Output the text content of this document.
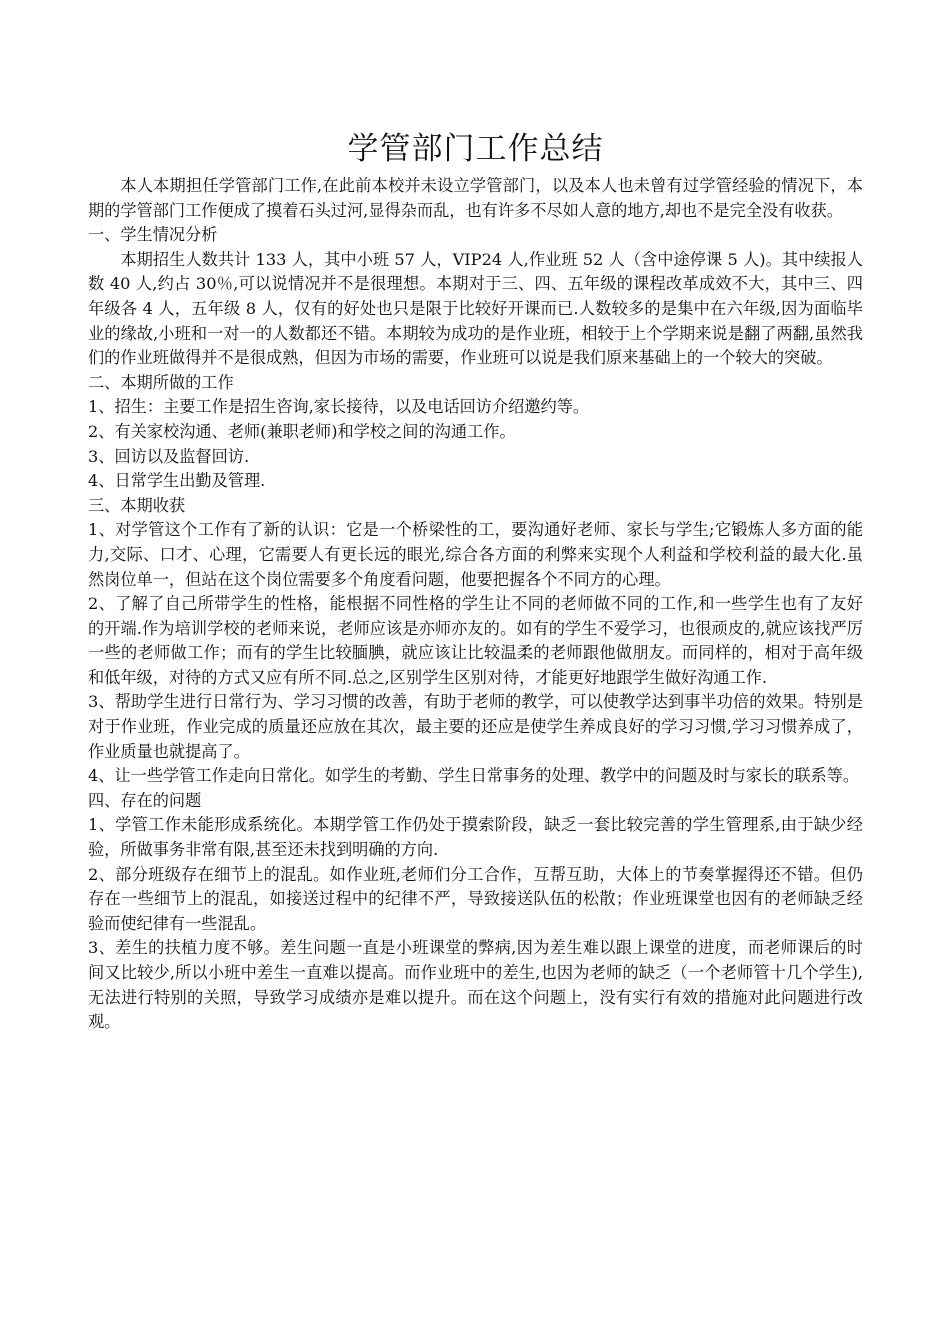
学管部门工作总结

本人本期担任学管部门工作,在此前本校并未设立学管部门，以及本人也未曾有过学管经验的情况下，本期的学管部门工作便成了摸着石头过河,显得杂而乱，也有许多不尽如人意的地方,却也不是完全没有收获。

一、学生情况分析

本期招生人数共计 133 人，其中小班 57 人，VIP24 人,作业班 52 人（含中途停课 5 人)。其中续报人数 40 人,约占 30％,可以说情况并不是很理想。本期对于三、四、五年级的课程改革成效不大，其中三、四年级各 4 人，五年级 8 人，仅有的好处也只是限于比较好开课而已.人数较多的是集中在六年级,因为面临毕业的缘故,小班和一对一的人数都还不错。本期较为成功的是作业班，相较于上个学期来说是翻了两翻,虽然我们的作业班做得并不是很成熟，但因为市场的需要，作业班可以说是我们原来基础上的一个较大的突破。

二、本期所做的工作

1、招生：主要工作是招生咨询,家长接待，以及电话回访介绍邀约等。

2、有关家校沟通、老师(兼职老师)和学校之间的沟通工作。

3、回访以及监督回访.

4、日常学生出勤及管理.

三、本期收获

1、对学管这个工作有了新的认识：它是一个桥梁性的工，要沟通好老师、家长与学生;它锻炼人多方面的能力,交际、口才、心理，它需要人有更长远的眼光,综合各方面的利弊来实现个人利益和学校利益的最大化.虽然岗位单一，但站在这个岗位需要多个角度看问题，他要把握各个不同方的心理。

2、了解了自己所带学生的性格，能根据不同性格的学生让不同的老师做不同的工作,和一些学生也有了友好的开端.作为培训学校的老师来说，老师应该是亦师亦友的。如有的学生不爱学习，也很顽皮的,就应该找严厉一些的老师做工作；而有的学生比较腼腆，就应该让比较温柔的老师跟他做朋友。而同样的，相对于高年级和低年级，对待的方式又应有所不同.总之,区别学生区别对待，才能更好地跟学生做好沟通工作.

3、帮助学生进行日常行为、学习习惯的改善，有助于老师的教学，可以使教学达到事半功倍的效果。特别是对于作业班，作业完成的质量还应放在其次，最主要的还应是使学生养成良好的学习习惯,学习习惯养成了，作业质量也就提高了。

4、让一些学管工作走向日常化。如学生的考勤、学生日常事务的处理、教学中的问题及时与家长的联系等。

四、存在的问题

1、学管工作未能形成系统化。本期学管工作仍处于摸索阶段，缺乏一套比较完善的学生管理系,由于缺少经验，所做事务非常有限,甚至还未找到明确的方向.

2、部分班级存在细节上的混乱。如作业班,老师们分工合作，互帮互助，大体上的节奏掌握得还不错。但仍存在一些细节上的混乱，如接送过程中的纪律不严，导致接送队伍的松散；作业班课堂也因有的老师缺乏经验而使纪律有一些混乱。

3、差生的扶植力度不够。差生问题一直是小班课堂的弊病,因为差生难以跟上课堂的进度，而老师课后的时间又比较少,所以小班中差生一直难以提高。而作业班中的差生,也因为老师的缺乏（一个老师管十几个学生),无法进行特别的关照，导致学习成绩亦是难以提升。而在这个问题上，没有实行有效的措施对此问题进行改观。
